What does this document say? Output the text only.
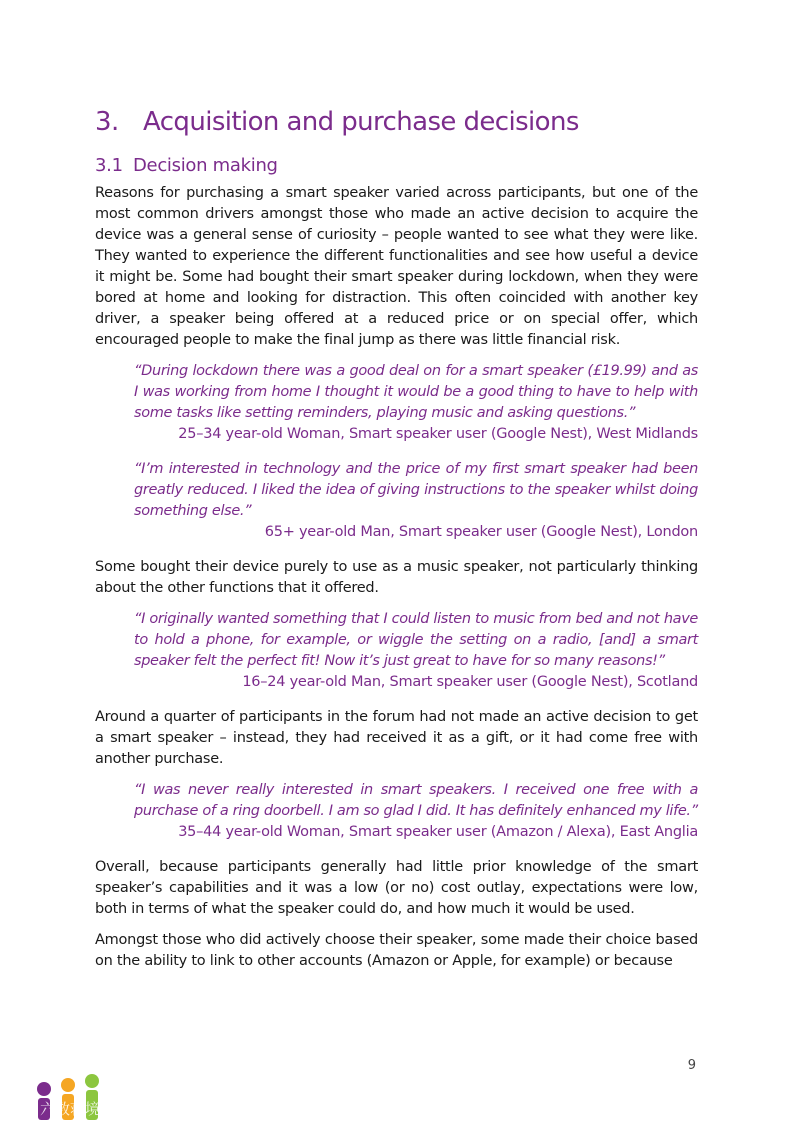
3. Acquisition and purchase decisions
3.1 Decision making

Reasons for purchasing a smart speaker varied across participants, but one of the most common drivers amongst those who made an active decision to acquire the device was a general sense of curiosity – people wanted to see what they were like. They wanted to experience the different functionalities and see how useful a device it might be. Some had bought their smart speaker during lockdown, when they were bored at home and looking for distraction. This often coincided with another key driver, a speaker being offered at a reduced price or on special offer, which encouraged people to make the final jump as there was little financial risk.

“During lockdown there was a good deal on for a smart speaker (£19.99) and as I was working from home I thought it would be a good thing to have to help with some tasks like setting reminders, playing music and asking questions.”

25–34 year-old Woman, Smart speaker user (Google Nest), West Midlands

“I’m interested in technology and the price of my first smart speaker had been greatly reduced. I liked the idea of giving instructions to the speaker whilst doing something else.”

65+ year-old Man, Smart speaker user (Google Nest), London

Some bought their device purely to use as a music speaker, not particularly thinking about the other functions that it offered.

“I originally wanted something that I could listen to music from bed and not have to hold a phone, for example, or wiggle the setting on a radio, [and] a smart speaker felt the perfect fit! Now it’s just great to have for so many reasons!”

16–24 year-old Man, Smart speaker user (Google Nest), Scotland

Around a quarter of participants in the forum had not made an active decision to get a smart speaker – instead, they had received it as a gift, or it had come free with another purchase.

“I was never really interested in smart speakers. I received one free with a purchase of a ring doorbell. I am so glad I did. It has definitely enhanced my life.”

35–44 year-old Woman, Smart speaker user (Amazon / Alexa), East Anglia

Overall, because participants generally had little prior knowledge of the smart speaker’s capabilities and it was a low (or no) cost outlay, expectations were low, both in terms of what the speaker could do, and how much it would be used.

Amongst those who did actively choose their speaker, some made their choice based on the ability to link to other accounts (Amazon or Apple, for example) or because

9
六数蒋境
